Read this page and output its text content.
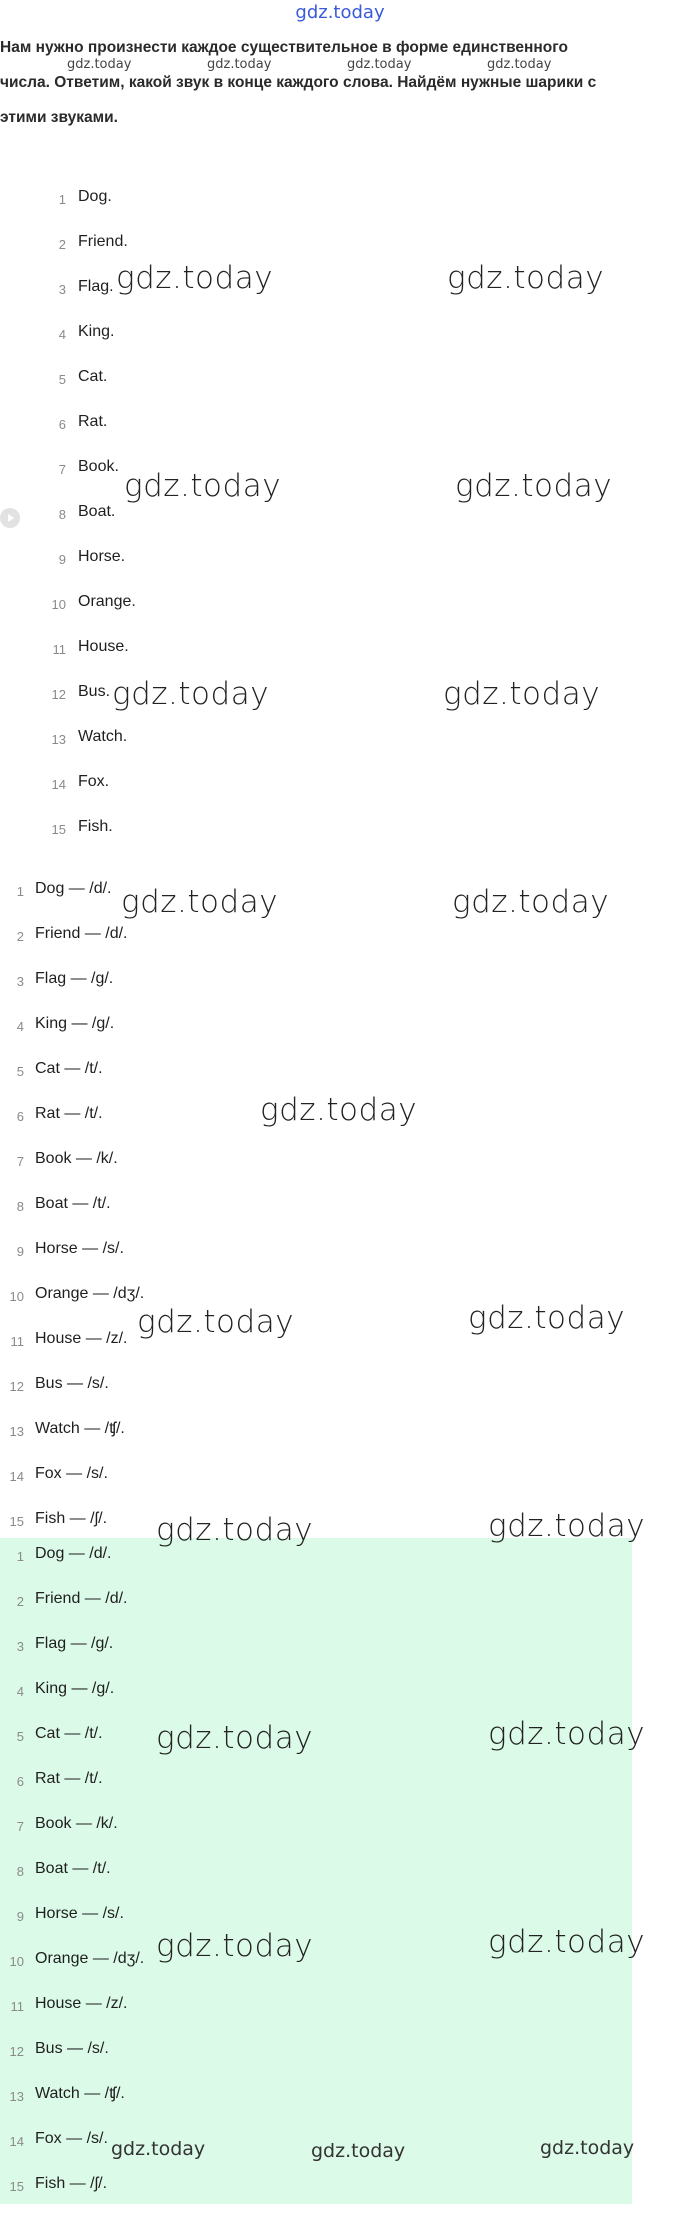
gdz.today
Нам нужно произнести каждое существительное в форме единственного
числа. Ответим, какой звук в конце каждого слова. Найдём нужные шарики с
этими звуками.
gdz.today	gdz.today	gdz.today	gdz.today
1 Dog.
2 Friend.
3 Flag.
4 King.
5 Cat.
6 Rat.
7 Book.
8 Boat.
9 Horse.
10 Orange.
11 House.
12 Bus.
13 Watch.
14 Fox.
15 Fish.
1 Dog — /d/.
2 Friend — /d/.
3 Flag — /g/.
4 King — /g/.
5 Cat — /t/.
6 Rat — /t/.
7 Book — /k/.
8 Boat — /t/.
9 Horse — /s/.
10 Orange — /dʒ/.
11 House — /z/.
12 Bus — /s/.
13 Watch — /ʧ/.
14 Fox — /s/.
15 Fish — /ʃ/.
1 Dog — /d/.
2 Friend — /d/.
3 Flag — /g/.
4 King — /g/.
5 Cat — /t/.
6 Rat — /t/.
7 Book — /k/.
8 Boat — /t/.
9 Horse — /s/.
10 Orange — /dʒ/.
11 House — /z/.
12 Bus — /s/.
13 Watch — /ʧ/.
14 Fox — /s/.
15 Fish — /ʃ/.
gdz.today	gdz.today
gdz.today	gdz.today
gdz.today	gdz.today
gdz.today	gdz.today
gdz.today
gdz.today	gdz.today
gdz.today	gdz.today
gdz.today	gdz.today
gdz.today	gdz.today
gdz.today	gdz.today	gdz.today
